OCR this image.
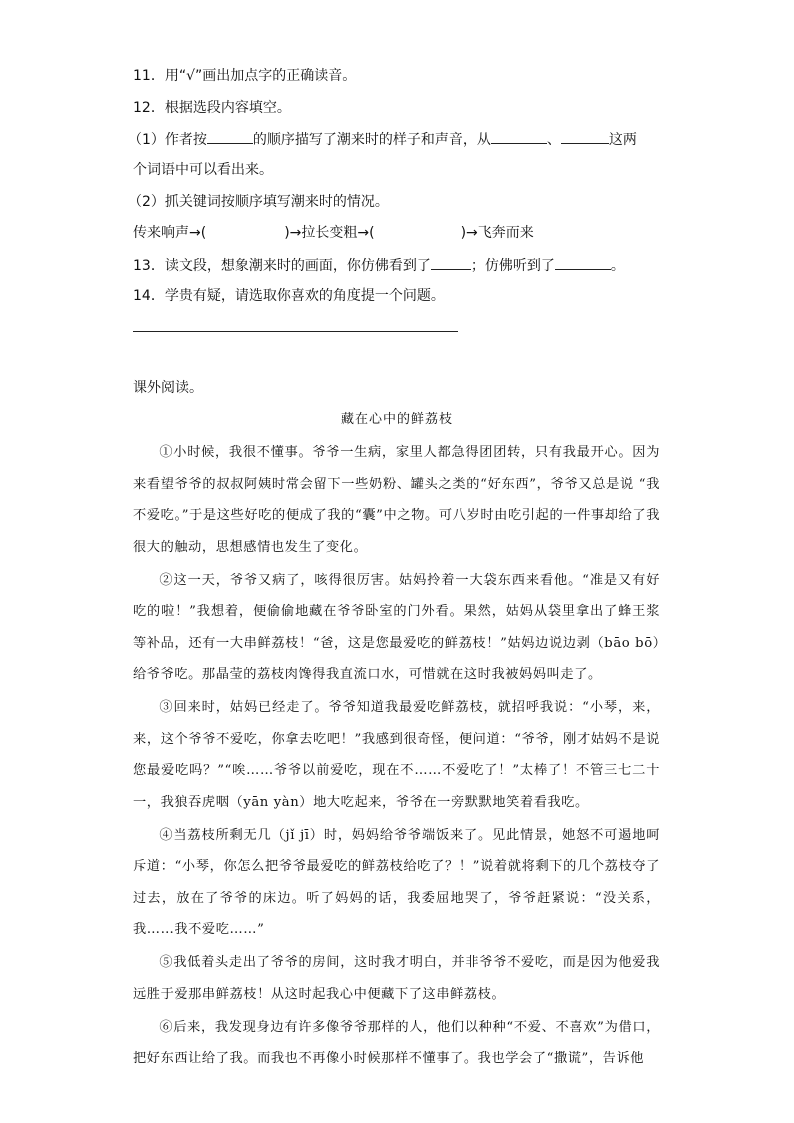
11．用“√”画出加点字的正确读音。
12．根据选段内容填空。
（1）作者按	的顺序描写了潮来时的样子和声音，从	、	这两
个词语中可以看出来。
（2）抓关键词按顺序填写潮来时的情况。
传来响声→(	)→拉长变粗→(	)→飞奔而来
13．读文段，想象潮来时的画面，你仿佛看到了	；仿佛听到了	。
14．学贵有疑，请选取你喜欢的角度提一个问题。
课外阅读。
藏在心中的鲜荔枝

①小时候，我很不懂事。爷爷一生病，家里人都急得团团转，只有我最开心。因为来看望爷爷的叔叔阿姨时常会留下一些奶粉、罐头之类的“好东西”，爷爷又总是说 “我不爱吃。”于是这些好吃的便成了我的“囊”中之物。可八岁时由吃引起的一件事却给了我很大的触动，思想感情也发生了变化。

②这一天，爷爷又病了，咳得很厉害。姑妈拎着一大袋东西来看他。“准是又有好吃的啦！”我想着，便偷偷地藏在爷爷卧室的门外看。果然，姑妈从袋里拿出了蜂王浆等补品，还有一大串鲜荔枝！“爸，这是您最爱吃的鲜荔枝！”姑妈边说边剥（bāo bō）给爷爷吃。那晶莹的荔枝肉馋得我直流口水，可惜就在这时我被妈妈叫走了。

③回来时，姑妈已经走了。爷爷知道我最爱吃鲜荔枝，就招呼我说：“小琴，来，来，这个爷爷不爱吃，你拿去吃吧！”我感到很奇怪，便问道：“爷爷，刚才姑妈不是说您最爱吃吗？”“唉……爷爷以前爱吃，现在不……不爱吃了！”太棒了！不管三七二十一，我狼吞虎咽（yān yàn）地大吃起来，爷爷在一旁默默地笑着看我吃。

④当荔枝所剩无几（jǐ jī）时，妈妈给爷爷端饭来了。见此情景，她怒不可遏地呵斥道：“小琴，你怎么把爷爷最爱吃的鲜荔枝给吃了？！”说着就将剩下的几个荔枝夺了过去，放在了爷爷的床边。听了妈妈的话，我委屈地哭了，爷爷赶紧说：“没关系，我……我不爱吃……”

⑤我低着头走出了爷爷的房间，这时我才明白，并非爷爷不爱吃，而是因为他爱我远胜于爱那串鲜荔枝！从这时起我心中便藏下了这串鲜荔枝。

⑥后来，我发现身边有许多像爷爷那样的人，他们以种种“不爱、不喜欢”为借口，把好东西让给了我。而我也不再像小时候那样不懂事了。我也学会了“撒谎”，告诉他
